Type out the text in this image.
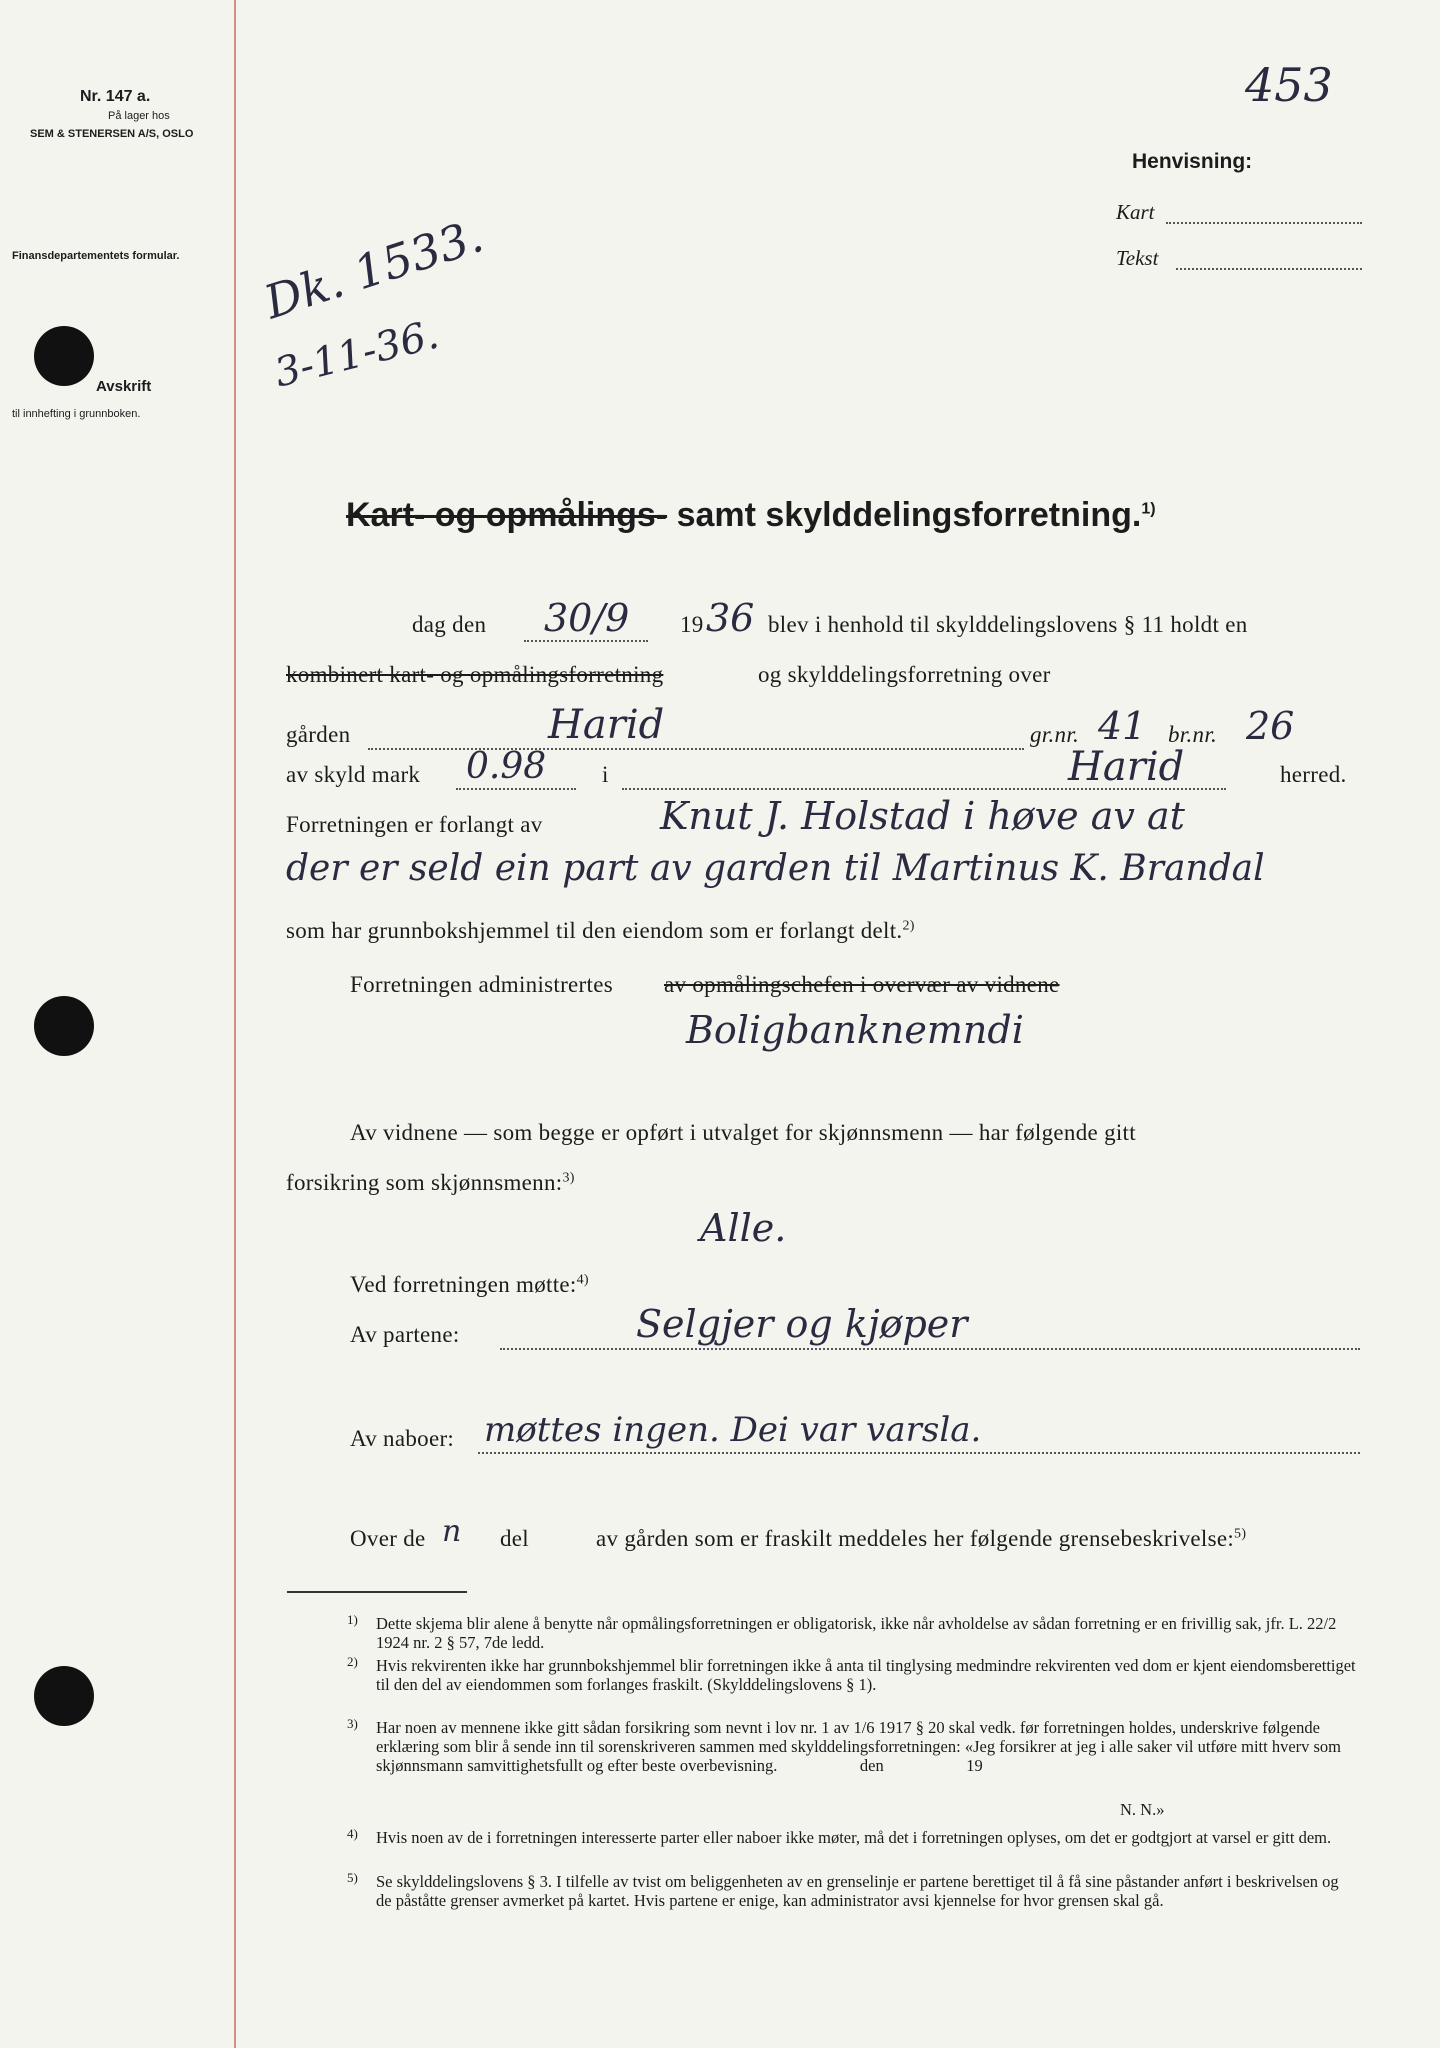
​
Nr. 147 a.
På lager hos
SEM & STENERSEN A/S, OSLO
Finansdepartementets formular.
Avskrift
til innhefting i grunnboken.
Dk. 1533.
3-11-36.
453
Henvisning:
Kart
Tekst
Kart- og opmålings- samt skylddelingsforretning.$^{1)}$
dag den 30/9 19 36 blev i henhold til skylddelingslovens § 11 holdt en
kombinert kart- og opmålingsforretning	og skylddelingsforretning over
gården	Harid	gr.nr. 41 br.nr. 26
av skyld mark 0.98 i	Harid	herred.
Forretningen er forlangt av	Knut J. Holstad i høve av at
der er seld ein part av garden til Martinus K. Brandal
som har grunnbokshjemmel til den eiendom som er forlangt delt.$^{2)}$
Forretningen administrertes av opmålingschefen i overvær av vidnene
Boligbanknemndi
Av vidnene — som begge er opført i utvalget for skjønnsmenn — har følgende gitt
forsikring som skjønnsmenn:$^{3)}$
Alle.
Ved forretningen møtte:$^{4)}$
Av partene:	Selgjer og kjøper
Av naboer: møttes ingen. Dei var varsla.
Over de n del	av gården som er fraskilt meddeles her følgende grensebeskrivelse:$^{5)}$
1) Dette skjema blir alene å benytte når opmålingsforretningen er obligatorisk, ikke når avholdelse av sådan forretning er en frivillig sak, jfr. L. 22/2 1924 nr. 2 § 57, 7de ledd.
2) Hvis rekvirenten ikke har grunnbokshjemmel blir forretningen ikke å anta til tinglysing medmindre rekvirenten ved dom er kjent eiendomsberettiget til den del av eiendommen som forlanges fraskilt. (Skylddelingslovens § 1).
3) Har noen av mennene ikke gitt sådan forsikring som nevnt i lov nr. 1 av 1/6 1917 § 20 skal vedk. før forretningen holdes, underskrive følgende erklæring som blir å sende inn til sorenskriveren sammen med skylddelingsforretningen: «Jeg forsikrer at jeg i alle saker vil utføre mitt hverv som skjønnsmann samvittighetsfullt og efter beste overbevisning.                    den                    19
N. N.»
4) Hvis noen av de i forretningen interesserte parter eller naboer ikke møter, må det i forretningen oplyses, om det er godtgjort at varsel er gitt dem.
5) Se skylddelingslovens § 3. I tilfelle av tvist om beliggenheten av en grenselinje er partene berettiget til å få sine påstander anført i beskrivelsen og de påståtte grenser avmerket på kartet. Hvis partene er enige, kan administrator avsi kjennelse for hvor grensen skal gå.
